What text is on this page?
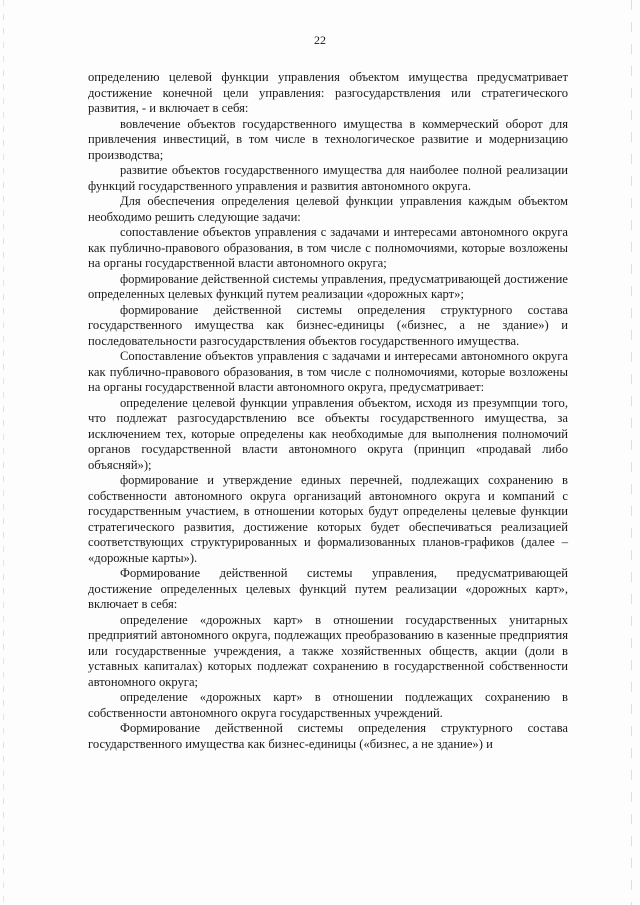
22

определению целевой функции управления объектом имущества предусматривает достижение конечной цели управления: разгосударствления или стратегического развития, - и включает в себя:

вовлечение объектов государственного имущества в коммерческий оборот для привлечения инвестиций, в том числе в технологическое развитие и модернизацию производства;

развитие объектов государственного имущества для наиболее полной реализации функций государственного управления и развития автономного округа.

Для обеспечения определения целевой функции управления каждым объектом необходимо решить следующие задачи:

сопоставление объектов управления с задачами и интересами автономного округа как публично-правового образования, в том числе с полномочиями, которые возложены на органы государственной власти автономного округа;

формирование действенной системы управления, предусматривающей достижение определенных целевых функций путем реализации «дорожных карт»;

формирование действенной системы определения структурного состава государственного имущества как бизнес-единицы («бизнес, а не здание») и последовательности разгосударствления объектов государственного имущества.

Сопоставление объектов управления с задачами и интересами автономного округа как публично-правового образования, в том числе с полномочиями, которые возложены на органы государственной власти автономного округа, предусматривает:

определение целевой функции управления объектом, исходя из презумпции того, что подлежат разгосударствлению все объекты государственного имущества, за исключением тех, которые определены как необходимые для выполнения полномочий органов государственной власти автономного округа (принцип «продавай либо объясняй»);

формирование и утверждение единых перечней, подлежащих сохранению в собственности автономного округа организаций автономного округа и компаний с государственным участием, в отношении которых будут определены целевые функции стратегического развития, достижение которых будет обеспечиваться реализацией соответствующих структурированных и формализованных планов-графиков (далее – «дорожные карты»).

Формирование действенной системы управления, предусматривающей достижение определенных целевых функций путем реализации «дорожных карт», включает в себя:

определение «дорожных карт» в отношении государственных унитарных предприятий автономного округа, подлежащих преобразованию в казенные предприятия или государственные учреждения, а также хозяйственных обществ, акции (доли в уставных капиталах) которых подлежат сохранению в государственной собственности автономного округа;

определение «дорожных карт» в отношении подлежащих сохранению в собственности автономного округа государственных учреждений.

Формирование действенной системы определения структурного состава государственного имущества как бизнес-единицы («бизнес, а не здание») и
